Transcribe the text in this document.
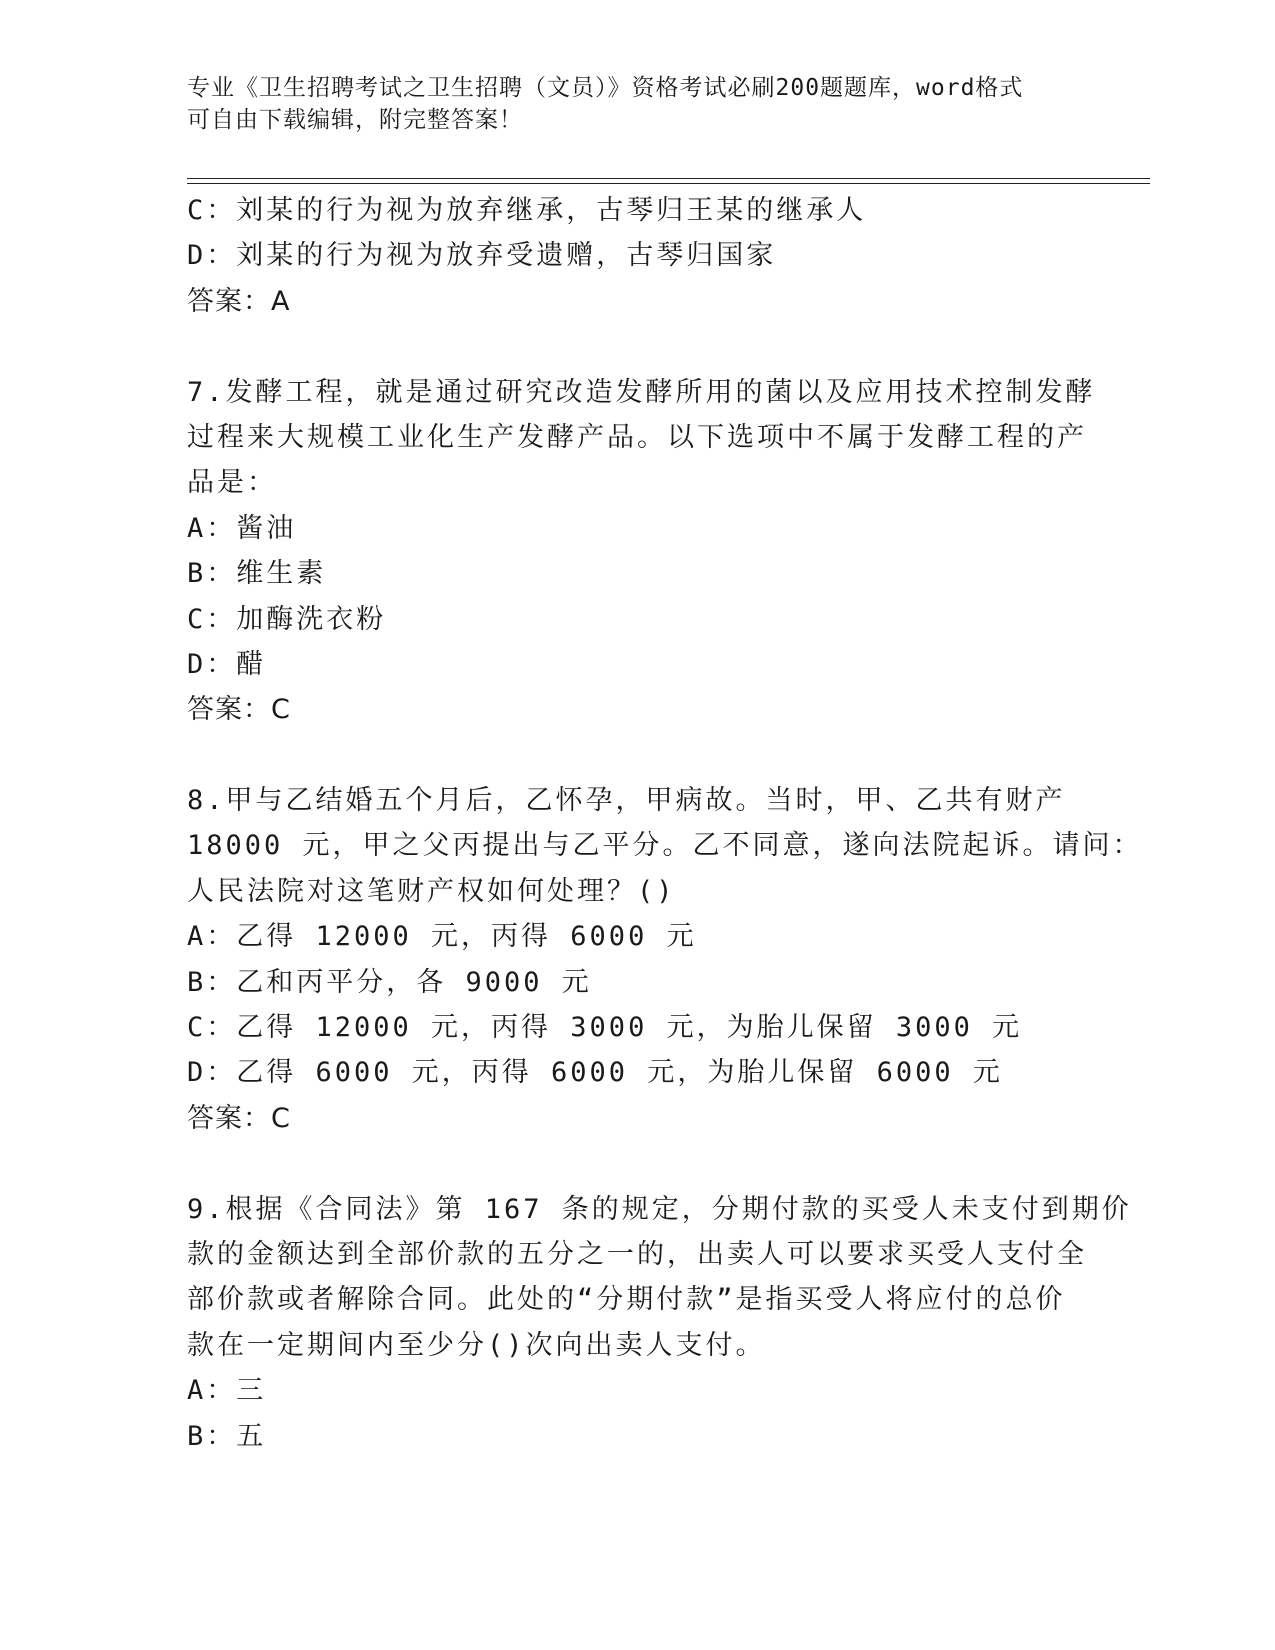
专业《卫生招聘考试之卫生招聘（文员）》资格考试必刷200题题库，word格式
可自由下载编辑，附完整答案！
C：刘某的行为视为放弃继承，古琴归王某的继承人
D：刘某的行为视为放弃受遗赠，古琴归国家
答案：A
7.发酵工程，就是通过研究改造发酵所用的菌以及应用技术控制发酵
过程来大规模工业化生产发酵产品。以下选项中不属于发酵工程的产
品是：
A：酱油
B：维生素
C：加酶洗衣粉
D：醋
答案：C
8.甲与乙结婚五个月后，乙怀孕，甲病故。当时，甲、乙共有财产
18000 元，甲之父丙提出与乙平分。乙不同意，遂向法院起诉。请问：
人民法院对这笔财产权如何处理？()
A：乙得 12000 元，丙得 6000 元
B：乙和丙平分，各 9000 元
C：乙得 12000 元，丙得 3000 元，为胎儿保留 3000 元
D：乙得 6000 元，丙得 6000 元，为胎儿保留 6000 元
答案：C
9.根据《合同法》第 167 条的规定，分期付款的买受人未支付到期价
款的金额达到全部价款的五分之一的，出卖人可以要求买受人支付全
部价款或者解除合同。此处的“分期付款”是指买受人将应付的总价
款在一定期间内至少分()次向出卖人支付。
A：三
B：五
